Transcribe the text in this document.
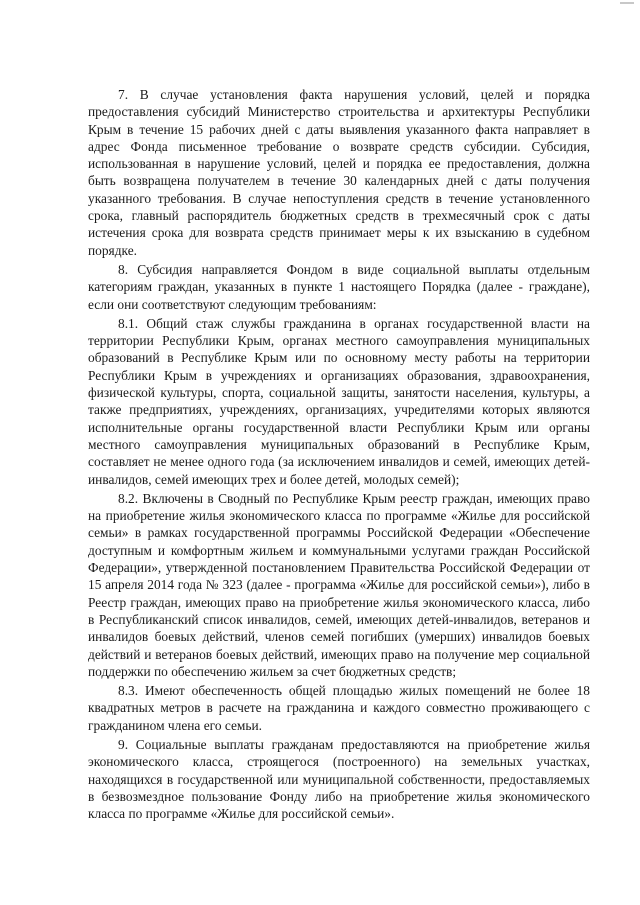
7. В случае установления факта нарушения условий, целей и порядка предоставления субсидий Министерство строительства и архитектуры Республики Крым в течение 15 рабочих дней с даты выявления указанного факта направляет в адрес Фонда письменное требование о возврате средств субсидии. Субсидия, использованная в нарушение условий, целей и порядка ее предоставления, должна быть возвращена получателем в течение 30 календарных дней с даты получения указанного требования. В случае непоступления средств в течение установленного срока, главный распорядитель бюджетных средств в трехмесячный срок с даты истечения срока для возврата средств принимает меры к их взысканию в судебном порядке.

8. Субсидия направляется Фондом в виде социальной выплаты отдельным категориям граждан, указанных в пункте 1 настоящего Порядка (далее - граждане), если они соответствуют следующим требованиям:

8.1. Общий стаж службы гражданина в органах государственной власти на территории Республики Крым, органах местного самоуправления муниципальных образований в Республике Крым или по основному месту работы на территории Республики Крым в учреждениях и организациях образования, здравоохранения, физической культуры, спорта, социальной защиты, занятости населения, культуры, а также предприятиях, учреждениях, организациях, учредителями которых являются исполнительные органы государственной власти Республики Крым или органы местного самоуправления муниципальных образований в Республике Крым, составляет не менее одного года (за исключением инвалидов и семей, имеющих детей-инвалидов, семей имеющих трех и более детей, молодых семей);

8.2. Включены в Сводный по Республике Крым реестр граждан, имеющих право на приобретение жилья экономического класса по программе «Жилье для российской семьи» в рамках государственной программы Российской Федерации «Обеспечение доступным и комфортным жильем и коммунальными услугами граждан Российской Федерации», утвержденной постановлением Правительства Российской Федерации от 15 апреля 2014 года № 323 (далее - программа «Жилье для российской семьи»), либо в Реестр граждан, имеющих право на приобретение жилья экономического класса, либо в Республиканский список инвалидов, семей, имеющих детей-инвалидов, ветеранов и инвалидов боевых действий, членов семей погибших (умерших) инвалидов боевых действий и ветеранов боевых действий, имеющих право на получение мер социальной поддержки по обеспечению жильем за счет бюджетных средств;

8.3. Имеют обеспеченность общей площадью жилых помещений не более 18 квадратных метров в расчете на гражданина и каждого совместно проживающего с гражданином члена его семьи.

9. Социальные выплаты гражданам предоставляются на приобретение жилья экономического класса, строящегося (построенного) на земельных участках, находящихся в государственной или муниципальной собственности, предоставляемых в безвозмездное пользование Фонду либо на приобретение жилья экономического класса по программе «Жилье для российской семьи».
